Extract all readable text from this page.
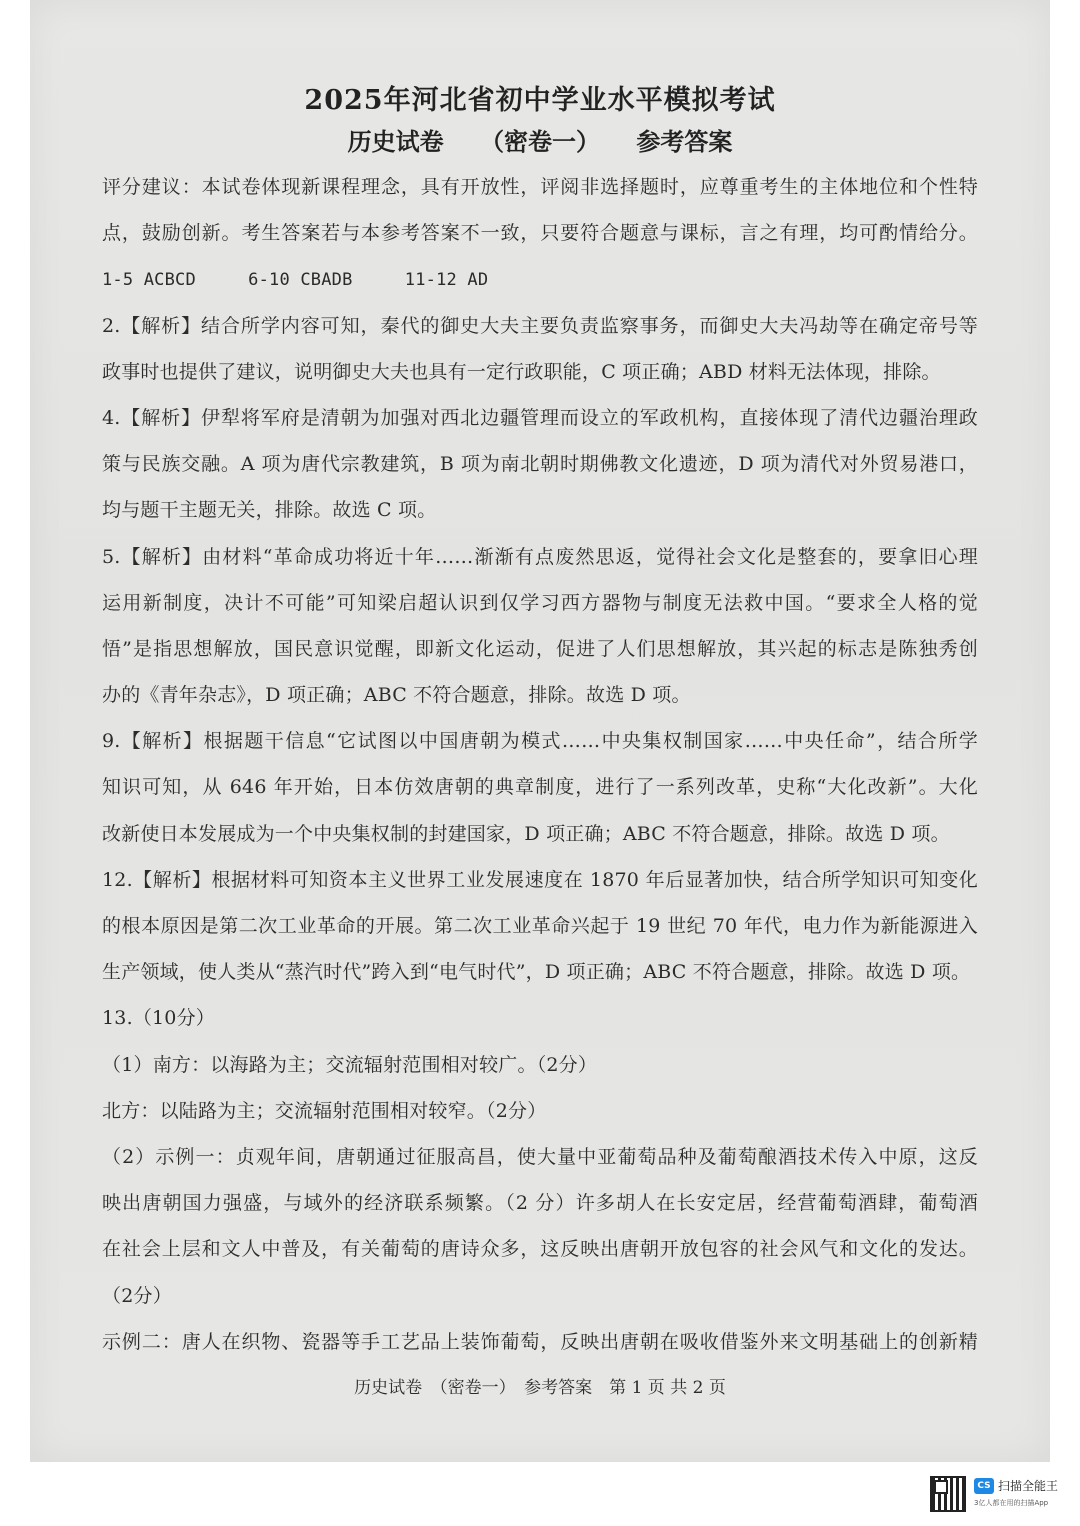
2025年河北省初中学业水平模拟考试
历史试卷 （密卷一） 参考答案
评分建议：本试卷体现新课程理念，具有开放性，评阅非选择题时，应尊重考生的主体地位和个性特
点，鼓励创新。考生答案若与本参考答案不一致，只要符合题意与课标，言之有理，均可酌情给分。
1-5 ACBCD	6-10 CBADB	11-12 AD
2.【解析】结合所学内容可知，秦代的御史大夫主要负责监察事务，而御史大夫冯劫等在确定帝号等
政事时也提供了建议，说明御史大夫也具有一定行政职能，C 项正确；ABD 材料无法体现，排除。
4.【解析】伊犁将军府是清朝为加强对西北边疆管理而设立的军政机构，直接体现了清代边疆治理政
策与民族交融。A 项为唐代宗教建筑，B 项为南北朝时期佛教文化遗迹，D 项为清代对外贸易港口，
均与题干主题无关，排除。故选 C 项。
5.【解析】由材料“革命成功将近十年……渐渐有点废然思返，觉得社会文化是整套的，要拿旧心理
运用新制度，决计不可能”可知梁启超认识到仅学习西方器物与制度无法救中国。“要求全人格的觉
悟”是指思想解放，国民意识觉醒，即新文化运动，促进了人们思想解放，其兴起的标志是陈独秀创
办的《青年杂志》，D 项正确；ABC 不符合题意，排除。故选 D 项。
9.【解析】根据题干信息“它试图以中国唐朝为模式……中央集权制国家……中央任命”，结合所学
知识可知，从 646 年开始，日本仿效唐朝的典章制度，进行了一系列改革，史称“大化改新”。大化
改新使日本发展成为一个中央集权制的封建国家，D 项正确；ABC 不符合题意，排除。故选 D 项。
12.【解析】根据材料可知资本主义世界工业发展速度在 1870 年后显著加快，结合所学知识可知变化
的根本原因是第二次工业革命的开展。第二次工业革命兴起于 19 世纪 70 年代，电力作为新能源进入
生产领域，使人类从“蒸汽时代”跨入到“电气时代”，D 项正确；ABC 不符合题意，排除。故选 D 项。
13.（10分）
（1）南方：以海路为主；交流辐射范围相对较广。（2分）
北方：以陆路为主；交流辐射范围相对较窄。（2分）
（2）示例一：贞观年间，唐朝通过征服高昌，使大量中亚葡萄品种及葡萄酿酒技术传入中原，这反
映出唐朝国力强盛，与域外的经济联系频繁。（2 分）许多胡人在长安定居，经营葡萄酒肆，葡萄酒
在社会上层和文人中普及，有关葡萄的唐诗众多，这反映出唐朝开放包容的社会风气和文化的发达。
（2分）
示例二：唐人在织物、瓷器等手工艺品上装饰葡萄，反映出唐朝在吸收借鉴外来文明基础上的创新精
历史试卷　（密卷一）　参考答案　第 1 页 共 2 页
CS 扫描全能王
3亿人都在用的扫描App
